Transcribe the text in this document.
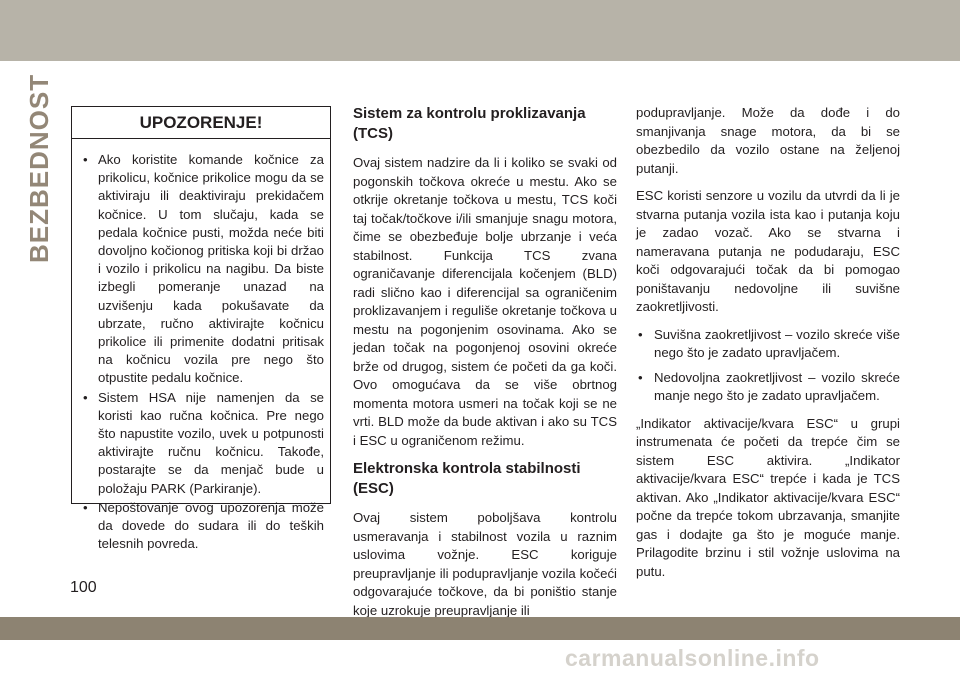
BEZBEDNOST	UPOZORENJE!
• Ako koristite komande kočnice za prikolicu, kočnice prikolice mogu da se aktiviraju ili deaktiviraju prekidačem kočnice. U tom slučaju, kada se pedala kočnice pusti, možda neće biti dovoljno kočionog pritiska koji bi držao i vozilo i prikolicu na nagibu. Da biste izbegli pomeranje unazad na uzvišenju kada pokušavate da ubrzate, ručno aktivirajte kočnicu prikolice ili primenite dodatni pritisak na kočnicu vozila pre nego što otpustite pedalu kočnice.
• Sistem HSA nije namenjen da se koristi kao ručna kočnica. Pre nego što napustite vozilo, uvek u potpunosti aktivirajte ručnu kočnicu. Takođe, postarajte se da menjač bude u položaju PARK (Parkiranje).
• Nepoštovanje ovog upozorenja može da dovede do sudara ili do teških telesnih povreda.
Sistem za kontrolu proklizavanja (TCS)

Ovaj sistem nadzire da li i koliko se svaki od pogonskih točkova okreće u mestu. Ako se otkrije okretanje točkova u mestu, TCS koči taj točak/točkove i/ili smanjuje snagu motora, čime se obezbeđuje bolje ubrzanje i veća stabilnost. Funkcija TCS zvana ograničavanje diferencijala kočenjem (BLD) radi slično kao i diferencijal sa ograničenim proklizavanjem i reguliše okretanje točkova u mestu na pogonjenim osovinama. Ako se jedan točak na pogonjenoj osovini okreće brže od drugog, sistem će početi da ga koči. Ovo omogućava da se više obrtnog momenta motora usmeri na točak koji se ne vrti. BLD može da bude aktivan i ako su TCS i ESC u ograničenom režimu.

Elektronska kontrola stabilnosti (ESC)

Ovaj sistem poboljšava kontrolu usmeravanja i stabilnost vozila u raznim uslovima vožnje. ESC koriguje preupravljanje ili podupravljanje vozila kočeći odgovarajuće točkove, da bi poništio stanje koje uzrokuje preupravljanje ili

podupravljanje. Može da dođe i do smanjivanja snage motora, da bi se obezbedilo da vozilo ostane na željenoj putanji.

ESC koristi senzore u vozilu da utvrdi da li je stvarna putanja vozila ista kao i putanja koju je zadao vozač. Ako se stvarna i nameravana putanja ne podudaraju, ESC koči odgovarajući točak da bi pomogao poništavanju nedovoljne ili suvišne zaokretljivosti.

• Suvišna zaokretljivost – vozilo skreće više nego što je zadato upravljačem.
• Nedovoljna zaokretljivost – vozilo skreće manje nego što je zadato upravljačem.

„Indikator aktivacije/kvara ESC“ u grupi instrumenata će početi da trepće čim se sistem ESC aktivira. „Indikator aktivacije/kvara ESC“ trepće i kada je TCS aktivan. Ako „Indikator aktivacije/kvara ESC“ počne da trepće tokom ubrzavanja, smanjite gas i dodajte ga što je moguće manje. Prilagodite brzinu i stil vožnje uslovima na putu.

100
carmanualsonline.info
